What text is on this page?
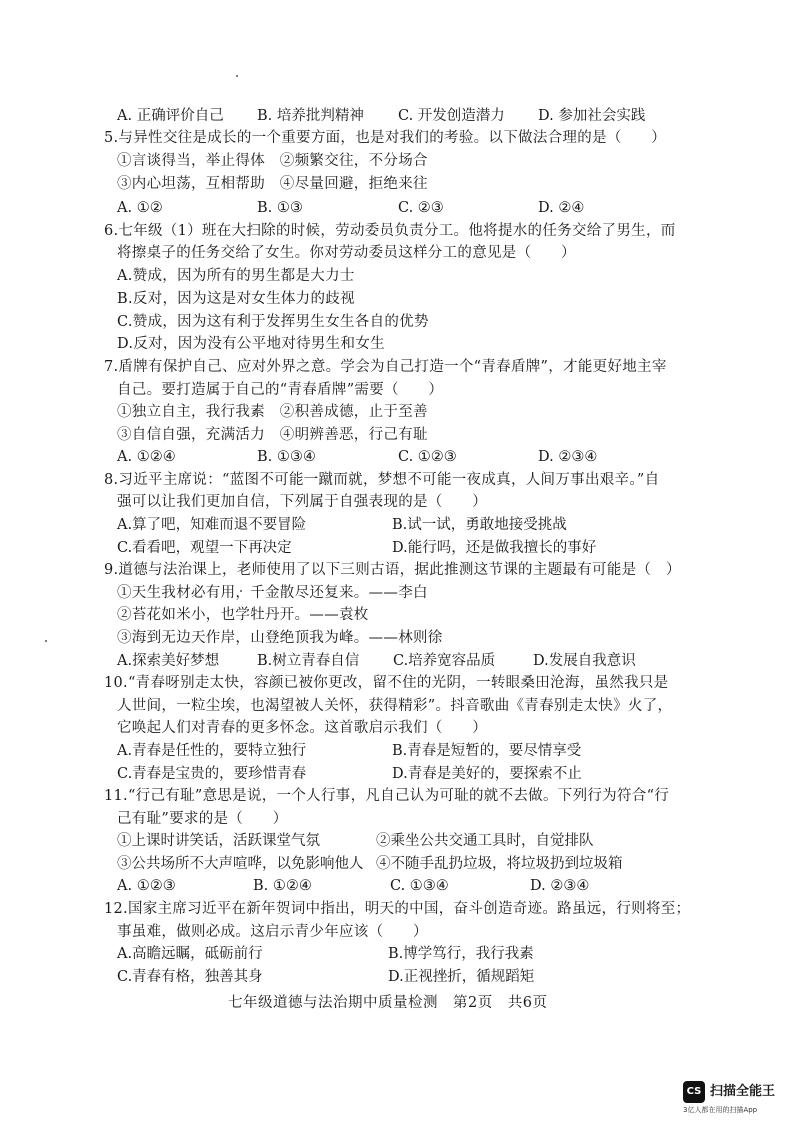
A. 正确评价自己 B. 培养批判精神 C. 开发创造潜力 D. 参加社会实践
5.与异性交往是成长的一个重要方面，也是对我们的考验。以下做法合理的是（　　）
①言谈得当，举止得体　②频繁交往，不分场合
③内心坦荡，互相帮助　④尽量回避，拒绝来往
A. ①②	B. ①③	C. ②③	D. ②④
6.七年级（1）班在大扫除的时候，劳动委员负责分工。他将提水的任务交给了男生，而
将擦桌子的任务交给了女生。你对劳动委员这样分工的意见是（　　）
A.赞成，因为所有的男生都是大力士
B.反对，因为这是对女生体力的歧视
C.赞成，因为这有利于发挥男生女生各自的优势
D.反对，因为没有公平地对待男生和女生
7.盾牌有保护自己、应对外界之意。学会为自己打造一个“青春盾牌”，才能更好地主宰
自己。要打造属于自己的“青春盾牌”需要（　　）
①独立自主，我行我素　②积善成德，止于至善
③自信自强，充满活力　④明辨善恶，行己有耻
A. ①②④	B. ①③④	C. ①②③	D. ②③④
8.习近平主席说：“蓝图不可能一蹴而就，梦想不可能一夜成真，人间万事出艰辛。”自
强可以让我们更加自信，下列属于自强表现的是（　　）
A.算了吧，知难而退不要冒险	B.试一试，勇敢地接受挑战
C.看看吧，观望一下再决定	D.能行吗，还是做我擅长的事好
9.道德与法治课上，老师使用了以下三则古语，据此推测这节课的主题最有可能是（　）
①天生我材必有用，千金散尽还复来。——李白
②苔花如米小，也学牡丹开。——袁枚
③海到无边天作岸，山登绝顶我为峰。——林则徐
A.探索美好梦想	B.树立青春自信 C.培养宽容品质	D.发展自我意识
10.“青春呀别走太快，容颜已被你更改，留不住的光阴，一转眼桑田沧海，虽然我只是
人世间，一粒尘埃，也渴望被人关怀，获得精彩”。抖音歌曲《青春别走太快》火了，
它唤起人们对青春的更多怀念。这首歌启示我们（　　）
A.青春是任性的，要特立独行	B.青春是短暂的，要尽情享受
C.青春是宝贵的，要珍惜青春	D.青春是美好的，要探索不止
11.“行己有耻”意思是说，一个人行事，凡自己认为可耻的就不去做。下列行为符合“行
己有耻”要求的是（　　）
①上课时讲笑话，活跃课堂气氛	②乘坐公共交通工具时，自觉排队
③公共场所不大声喧哗，以免影响他人 ④不随手乱扔垃圾，将垃圾扔到垃圾箱
A. ①②③	B. ①②④	C. ①③④	D. ②③④
12.国家主席习近平在新年贺词中指出，明天的中国，奋斗创造奇迹。路虽远，行则将至；
事虽难，做则必成。这启示青少年应该（　　）
A.高瞻远瞩，砥砺前行	B.博学笃行，我行我素
C.青春有格，独善其身	D.正视挫折，循规蹈矩
七年级道德与法治期中质量检测　第2页　共6页
CS 扫描全能王
3亿人都在用的扫描App
